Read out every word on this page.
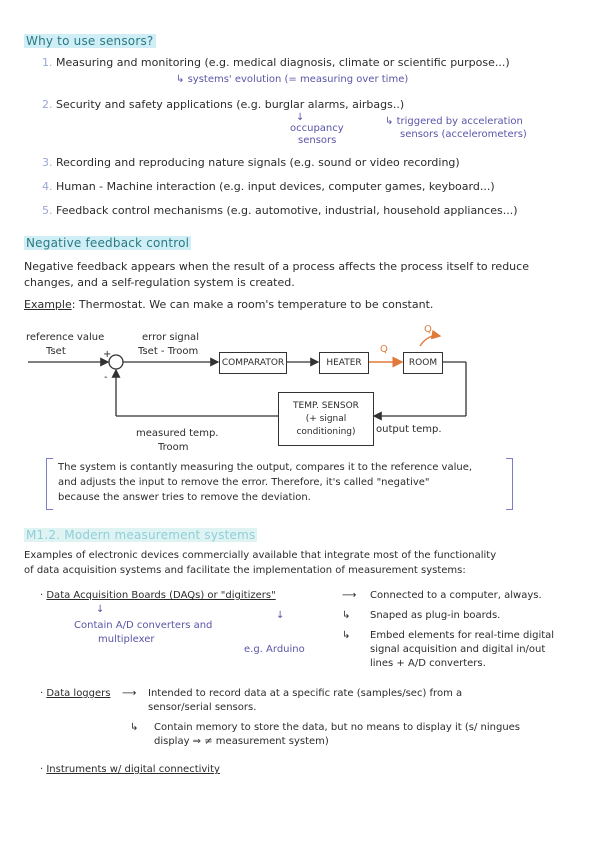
Why to use sensors?
1. Measuring and monitoring (e.g. medical diagnosis, climate or scientific purpose...)
↳ systems' evolution (= measuring over time)
2. Security and safety applications (e.g. burglar alarms, airbags..)
↓
occupancy
sensors
↳ triggered by acceleration
sensors (accelerometers)
3. Recording and reproducing nature signals (e.g. sound or video recording)
4. Human - Machine interaction (e.g. input devices, computer games, keyboard...)
5. Feedback control mechanisms (e.g. automotive, industrial, household appliances...)
Negative feedback control
Negative feedback appears when the result of a process affects the process itself to reduce
changes, and a self-regulation system is created.
Example: Thermostat. We can make a room's temperature to be constant.
reference value
Tset
error signal
Tset - Troom
+
-
COMPARATOR	HEATER	ROOM
Q
Q
TEMP. SENSOR
(+ signal
conditioning) output temp.
measured temp.
Troom
The system is contantly measuring the output, compares it to the reference value,
and adjusts the input to remove the error. Therefore, it's called "negative"
because the answer tries to remove the deviation.
M1.2. Modern measurement systems
Examples of electronic devices commercially available that integrate most of the functionality
of data acquisition systems and facilitate the implementation of measurement systems:
· Data Acquisition Boards (DAQs) or "digitizers"	⟶ Connected to a computer, always.
↳ Snaped as plug-in boards.
↳ Embed elements for real-time digital
signal acquisition and digital in/out
lines + A/D converters.
↓
Contain A/D converters and
multiplexer
↓
e.g. Arduino
· Data loggers ⟶ Intended to record data at a specific rate (samples/sec) from a
sensor/serial sensors.
↳ Contain memory to store the data, but no means to display it (s/ ningues
display ⇒ ≠ measurement system)
· Instruments w/ digital connectivity
